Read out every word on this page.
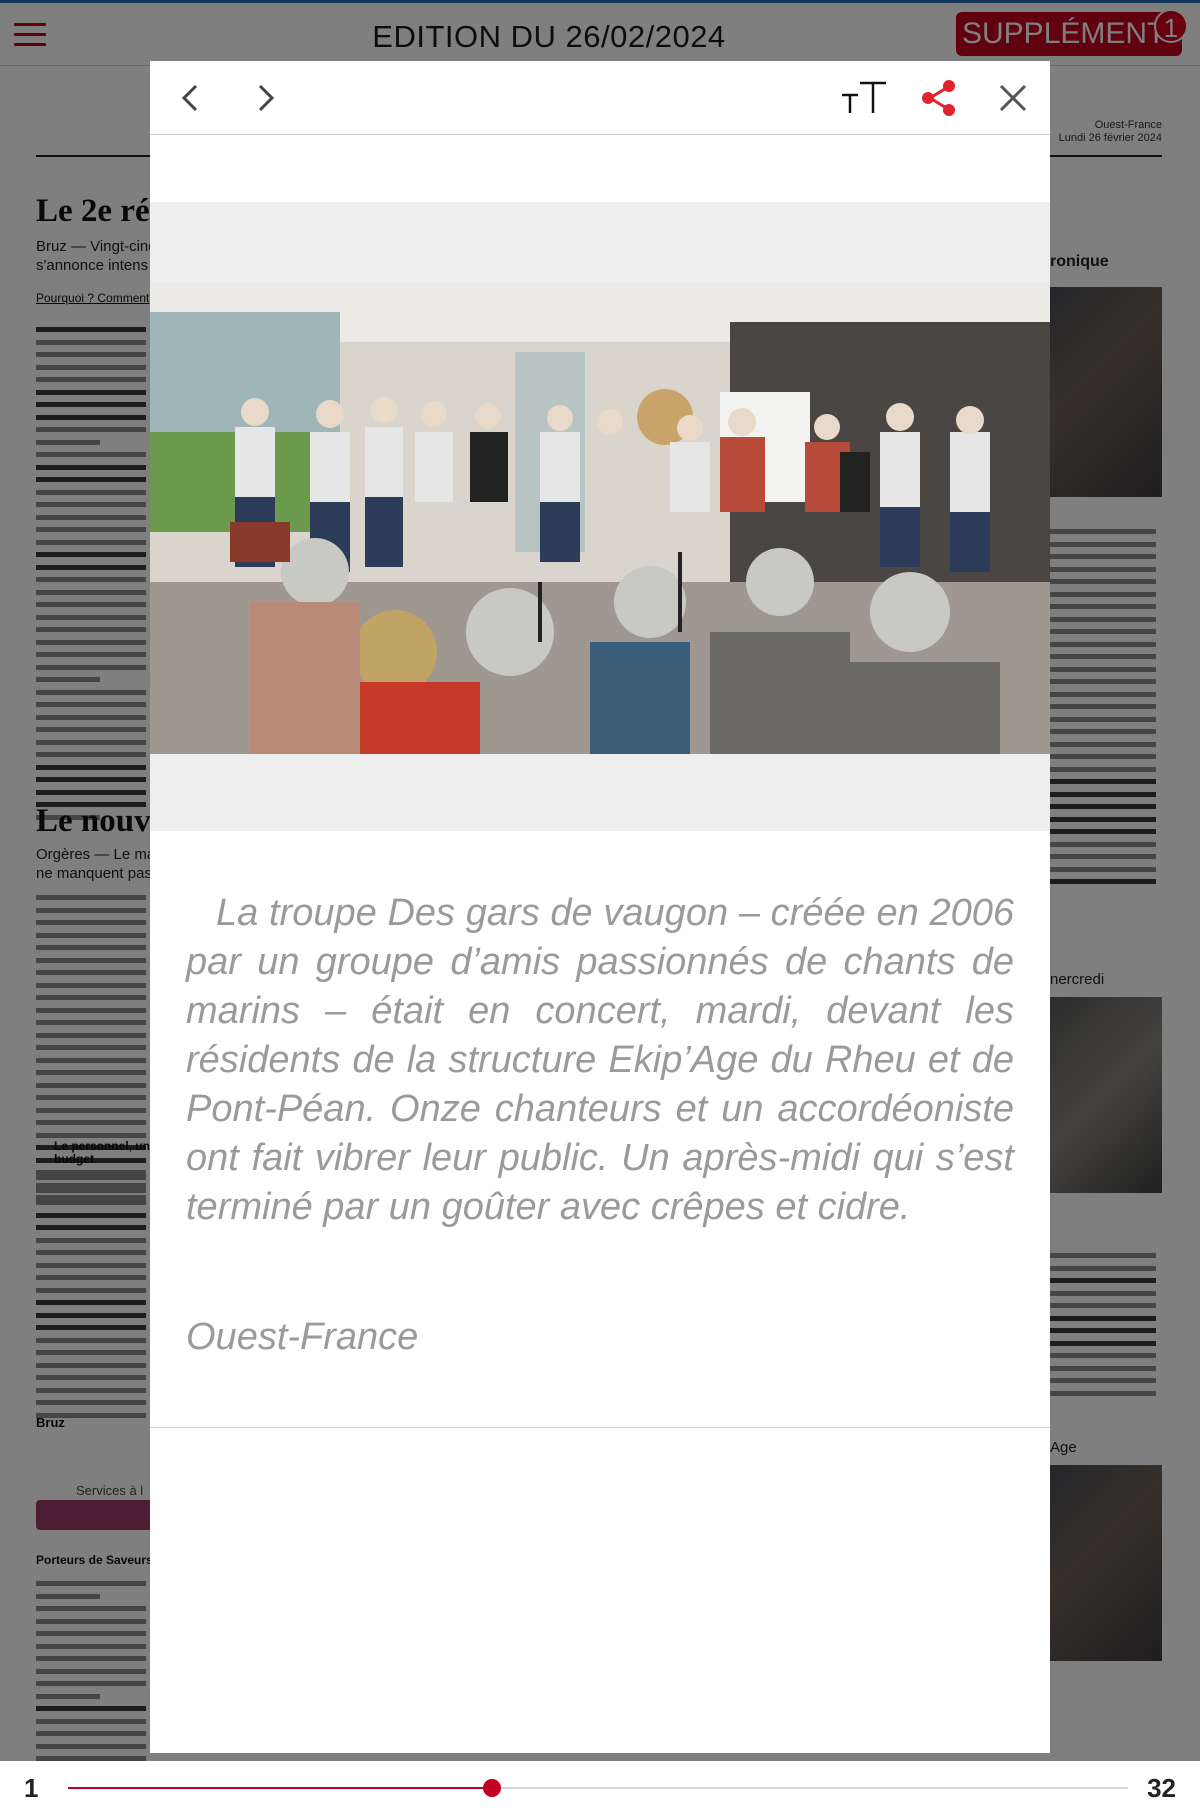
La troupe Des gars de vaugon – créée en 2006 par un groupe d’amis passionnés de chants de marins – était en concert, mardi, devant les résidents de la structure Ekip’Age du Rheu et de Pont-Péan. Onze chanteurs et un accordéoniste ont fait vibrer leur public. Un après-midi qui s’est terminé par un goûter avec crêpes et cidre.
Ouest-France
1	32
